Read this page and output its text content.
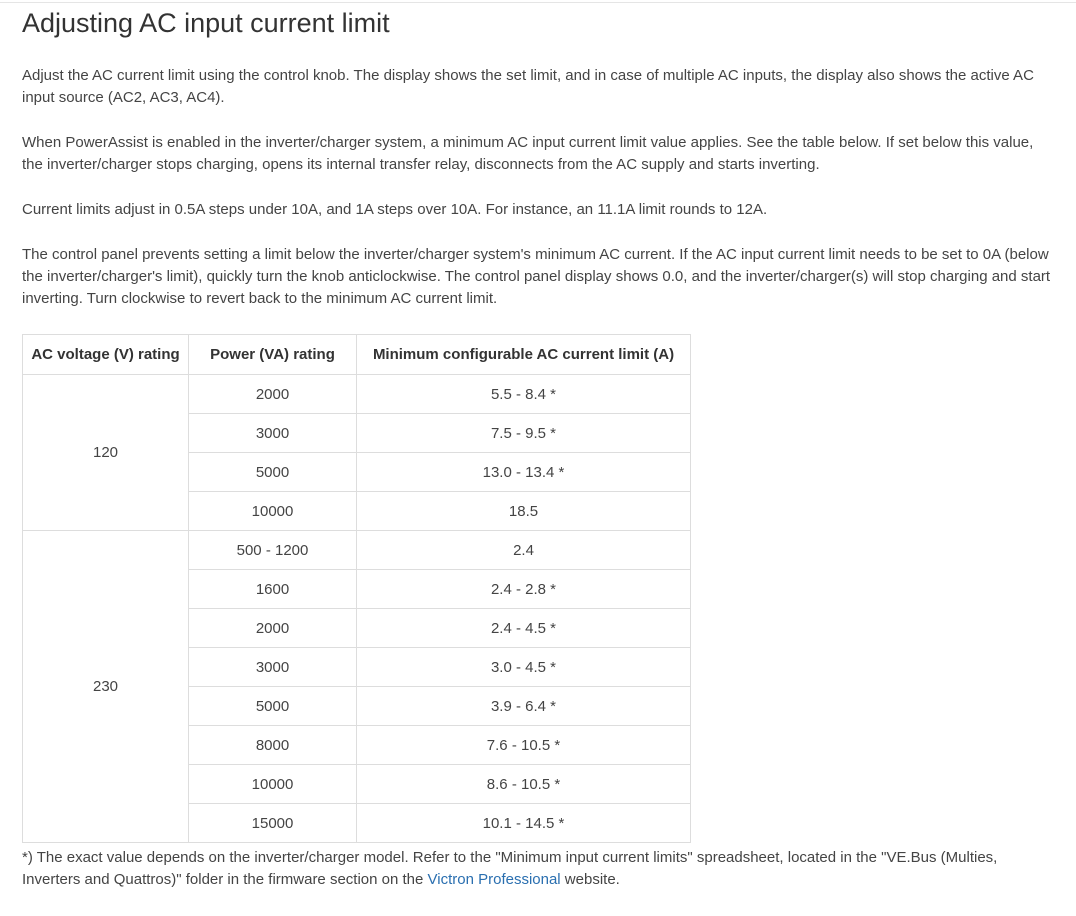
Adjusting AC input current limit

Adjust the AC current limit using the control knob. The display shows the set limit, and in case of multiple AC inputs, the display also shows the active AC input source (AC2, AC3, AC4).

When PowerAssist is enabled in the inverter/charger system, a minimum AC input current limit value applies. See the table below. If set below this value, the inverter/charger stops charging, opens its internal transfer relay, disconnects from the AC supply and starts inverting.

Current limits adjust in 0.5A steps under 10A, and 1A steps over 10A. For instance, an 11.1A limit rounds to 12A.

The control panel prevents setting a limit below the inverter/charger system's minimum AC current. If the AC input current limit needs to be set to 0A (below the inverter/charger's limit), quickly turn the knob anticlockwise. The control panel display shows 0.0, and the inverter/charger(s) will stop charging and start inverting. Turn clockwise to revert back to the minimum AC current limit.

AC voltage (V) rating	Power (VA) rating	Minimum configurable AC current limit (A)
120	2000	5.5 - 8.4 *
	3000	7.5 - 9.5 *
	5000	13.0 - 13.4 *
	10000	18.5
230	500 - 1200	2.4
	1600	2.4 - 2.8 *
	2000	2.4 - 4.5 *
	3000	3.0 - 4.5 *
	5000	3.9 - 6.4 *
	8000	7.6 - 10.5 *
	10000	8.6 - 10.5 *
	15000	10.1 - 14.5 *

*) The exact value depends on the inverter/charger model. Refer to the "Minimum input current limits" spreadsheet, located in the "VE.Bus (Multies, Inverters and Quattros)" folder in the firmware section on the Victron Professional website.
